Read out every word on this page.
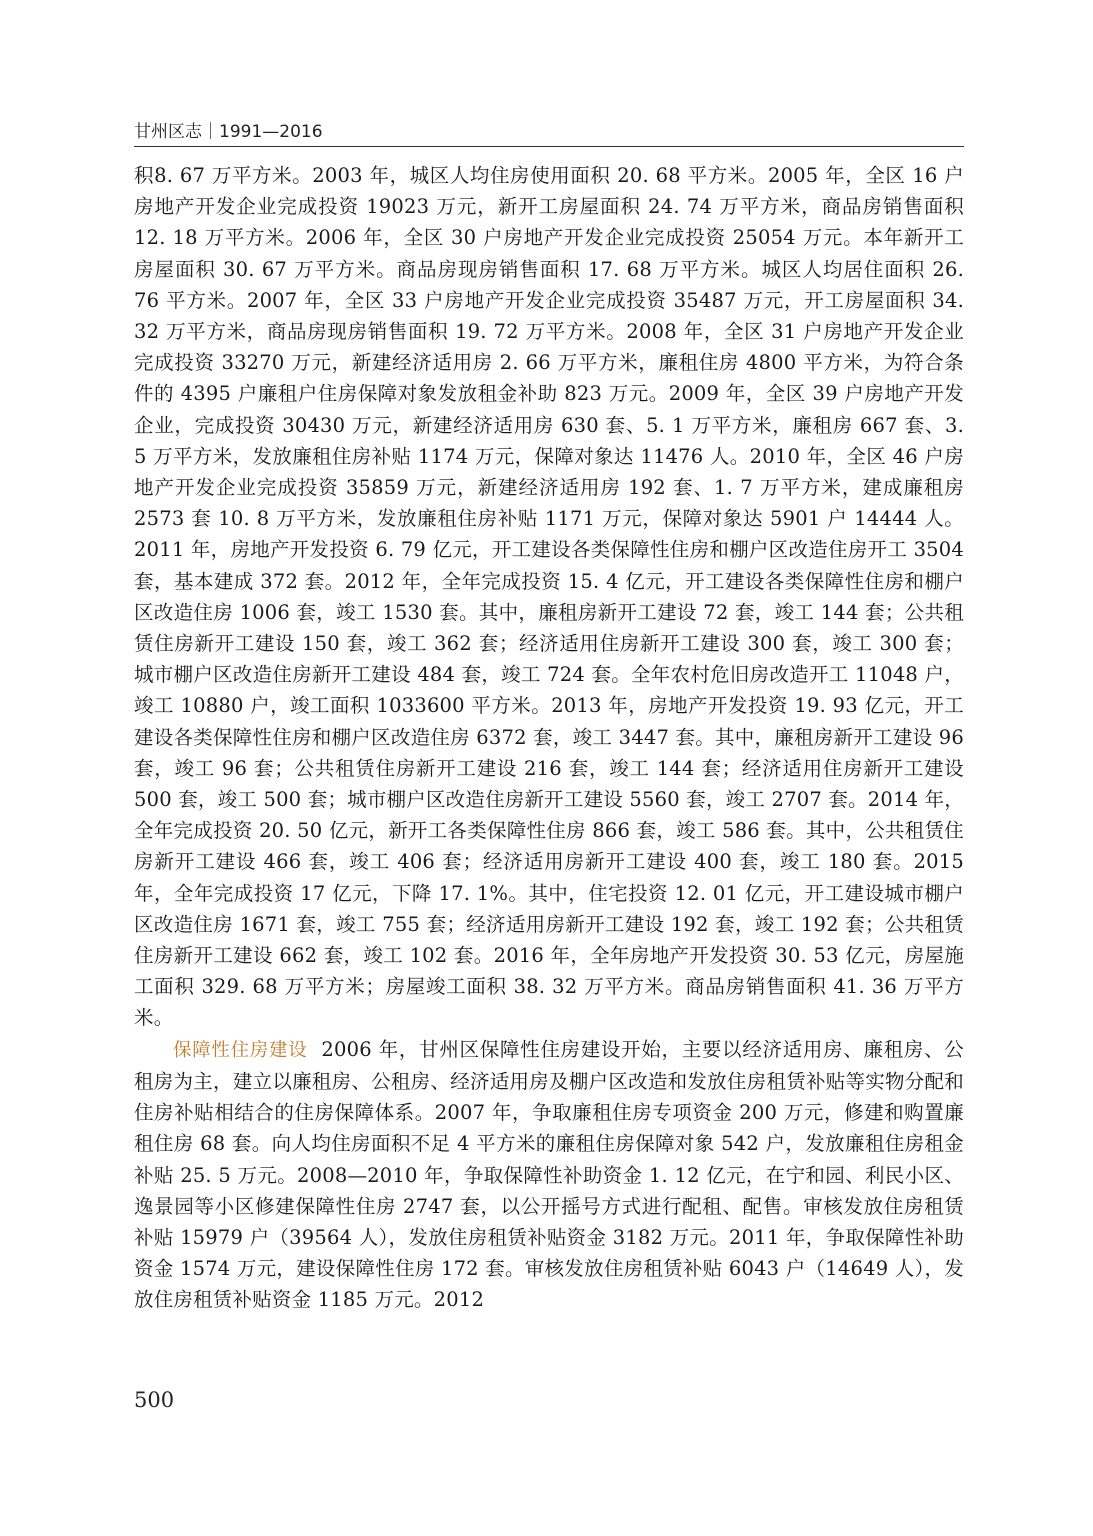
甘州区志｜1991—2016

积8. 67 万平方米。2003 年，城区人均住房使用面积 20. 68 平方米。2005 年，全区 16 户房地产开发企业完成投资 19023 万元，新开工房屋面积 24. 74 万平方米，商品房销售面积 12. 18 万平方米。2006 年，全区 30 户房地产开发企业完成投资 25054 万元。本年新开工房屋面积 30. 67 万平方米。商品房现房销售面积 17. 68 万平方米。城区人均居住面积 26. 76 平方米。2007 年，全区 33 户房地产开发企业完成投资 35487 万元，开工房屋面积 34. 32 万平方米，商品房现房销售面积 19. 72 万平方米。2008 年，全区 31 户房地产开发企业完成投资 33270 万元，新建经济适用房 2. 66 万平方米，廉租住房 4800 平方米，为符合条件的 4395 户廉租户住房保障对象发放租金补助 823 万元。2009 年，全区 39 户房地产开发企业，完成投资 30430 万元，新建经济适用房 630 套、5. 1 万平方米，廉租房 667 套、3. 5 万平方米，发放廉租住房补贴 1174 万元，保障对象达 11476 人。2010 年，全区 46 户房地产开发企业完成投资 35859 万元，新建经济适用房 192 套、1. 7 万平方米，建成廉租房 2573 套 10. 8 万平方米，发放廉租住房补贴 1171 万元，保障对象达 5901 户 14444 人。2011 年，房地产开发投资 6. 79 亿元，开工建设各类保障性住房和棚户区改造住房开工 3504 套，基本建成 372 套。2012 年，全年完成投资 15. 4 亿元，开工建设各类保障性住房和棚户区改造住房 1006 套，竣工 1530 套。其中，廉租房新开工建设 72 套，竣工 144 套；公共租赁住房新开工建设 150 套，竣工 362 套；经济适用住房新开工建设 300 套，竣工 300 套；城市棚户区改造住房新开工建设 484 套，竣工 724 套。全年农村危旧房改造开工 11048 户，竣工 10880 户，竣工面积 1033600 平方米。2013 年，房地产开发投资 19. 93 亿元，开工建设各类保障性住房和棚户区改造住房 6372 套，竣工 3447 套。其中，廉租房新开工建设 96 套，竣工 96 套；公共租赁住房新开工建设 216 套，竣工 144 套；经济适用住房新开工建设 500 套，竣工 500 套；城市棚户区改造住房新开工建设 5560 套，竣工 2707 套。2014 年，全年完成投资 20. 50 亿元，新开工各类保障性住房 866 套，竣工 586 套。其中，公共租赁住房新开工建设 466 套，竣工 406 套；经济适用房新开工建设 400 套，竣工 180 套。2015 年，全年完成投资 17 亿元，下降 17. 1%。其中，住宅投资 12. 01 亿元，开工建设城市棚户区改造住房 1671 套，竣工 755 套；经济适用房新开工建设 192 套，竣工 192 套；公共租赁住房新开工建设 662 套，竣工 102 套。2016 年，全年房地产开发投资 30. 53 亿元，房屋施工面积 329. 68 万平方米；房屋竣工面积 38. 32 万平方米。商品房销售面积 41. 36 万平方米。

保障性住房建设 2006 年，甘州区保障性住房建设开始，主要以经济适用房、廉租房、公租房为主，建立以廉租房、公租房、经济适用房及棚户区改造和发放住房租赁补贴等实物分配和住房补贴相结合的住房保障体系。2007 年，争取廉租住房专项资金 200 万元，修建和购置廉租住房 68 套。向人均住房面积不足 4 平方米的廉租住房保障对象 542 户，发放廉租住房租金补贴 25. 5 万元。2008—2010 年，争取保障性补助资金 1. 12 亿元，在宁和园、利民小区、逸景园等小区修建保障性住房 2747 套，以公开摇号方式进行配租、配售。审核发放住房租赁补贴 15979 户（39564 人），发放住房租赁补贴资金 3182 万元。2011 年，争取保障性补助资金 1574 万元，建设保障性住房 172 套。审核发放住房租赁补贴 6043 户（14649 人），发放住房租赁补贴资金 1185 万元。2012

500
